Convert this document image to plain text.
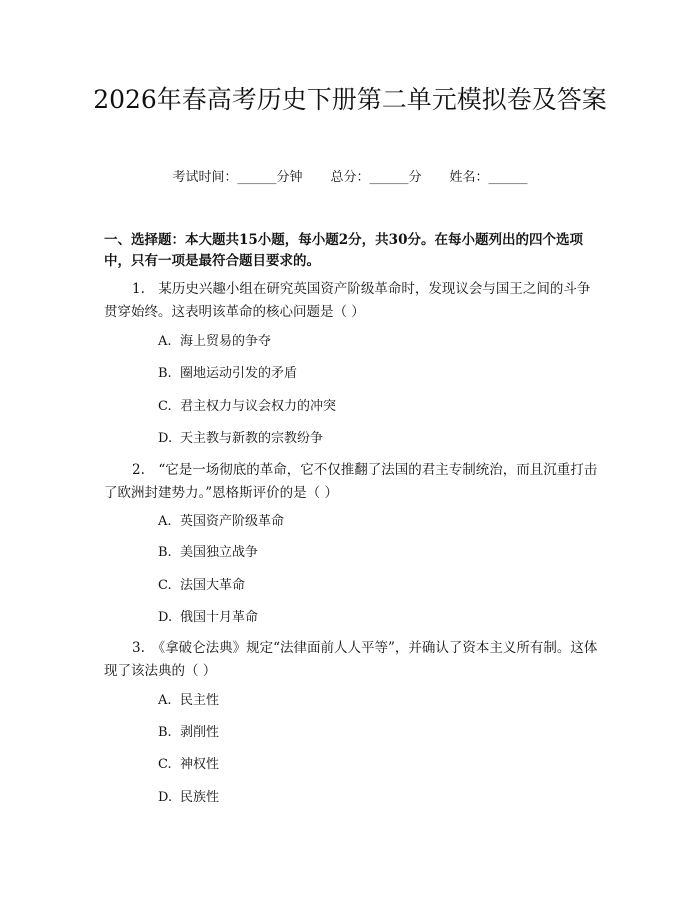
2026年春高考历史下册第二单元模拟卷及答案
考试时间：______分钟 总分：______分 姓名：______

一、选择题：本大题共15小题，每小题2分，共30分。在每小题列出的四个选项中，只有一项是最符合题目要求的。

1.　某历史兴趣小组在研究英国资产阶级革命时，发现议会与国王之间的斗争贯穿始终。这表明该革命的核心问题是（ ）

A. 海上贸易的争夺

B. 圈地运动引发的矛盾

C. 君主权力与议会权力的冲突

D. 天主教与新教的宗教纷争

2.　“它是一场彻底的革命，它不仅推翻了法国的君主专制统治，而且沉重打击了欧洲封建势力。”恩格斯评价的是（ ）

A. 英国资产阶级革命

B. 美国独立战争

C. 法国大革命

D. 俄国十月革命

3.　《拿破仑法典》规定“法律面前人人平等”，并确认了资本主义所有制。这体现了该法典的（ ）

A. 民主性

B. 剥削性

C. 神权性

D. 民族性
